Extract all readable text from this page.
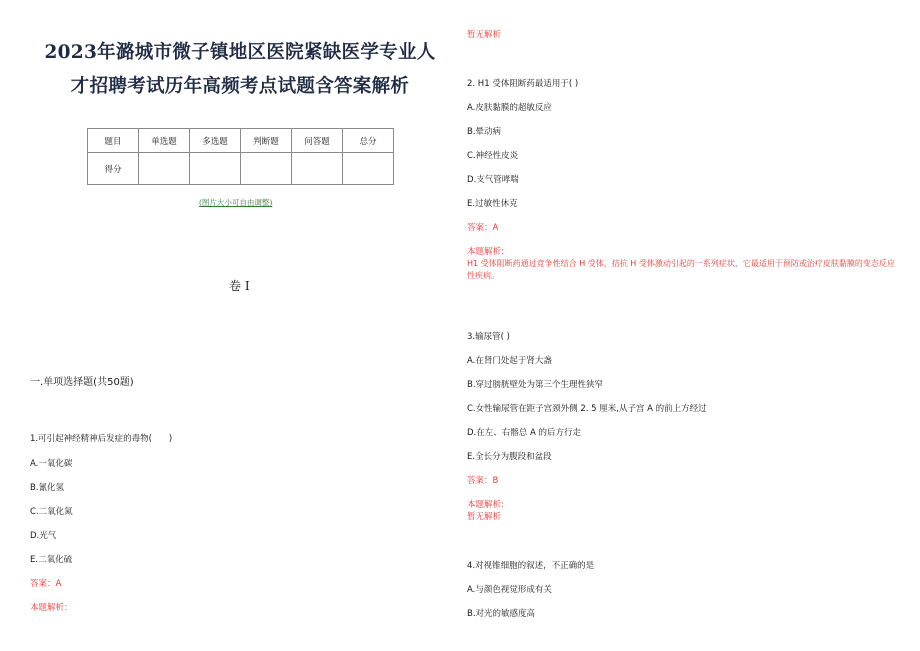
2023年潞城市微子镇地区医院紧缺医学专业人
才招聘考试历年高频考点试题含答案解析
题目	单选题	多选题	判断题	问答题	总分
得分					
(图片大小可自由调整)
卷 I
一.单项选择题(共50题)
1.可引起神经精神后发症的毒物(　　)
A.一氧化碳
B.氰化氢
C.二氧化氮
D.光气
E.二氧化硫
答案：A
本题解析：
暂无解析
2. H1 受体阻断药最适用于( )
A.皮肤黏膜的超敏反应
B.晕动病
C.神经性皮炎
D.支气管哮喘
E.过敏性休克
答案：A
本题解析:
H1 受体阻断药通过竞争性结合 H 受体，拮抗 H 受体激动引起的一系列症状，它最适用于预防或治疗皮肤黏膜的变态反应性疾病。
3.输尿管( )
A.在肾门处起于肾大盏
B.穿过膀胱壁处为第三个生理性狭窄
C.女性输尿管在距子宫颈外侧 2. 5 厘米,从子宫 A 的前上方经过
D.在左、右髂总 A 的后方行走
E.全长分为腹段和盆段
答案：B
本题解析:
暂无解析
4.对视锥细胞的叙述，不正确的是
A.与颜色视觉形成有关
B.对光的敏感度高
